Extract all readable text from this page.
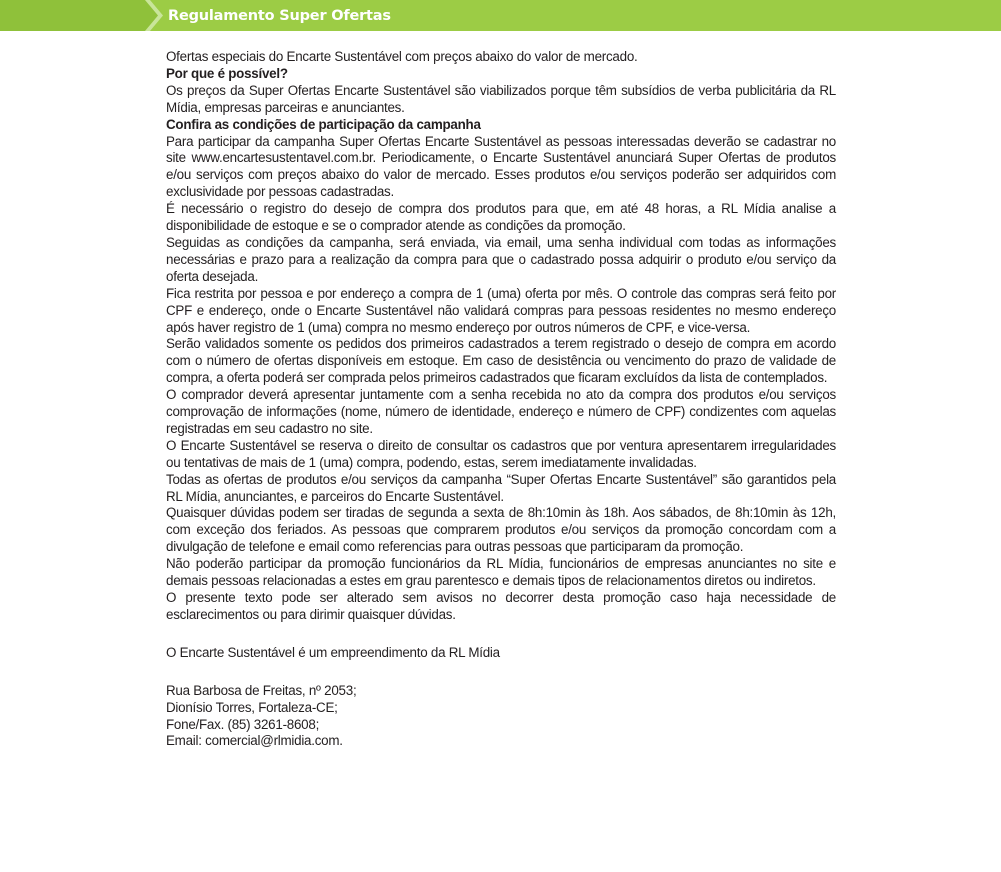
Regulamento Super Ofertas

Ofertas especiais do Encarte Sustentável com preços abaixo do valor de mercado.

Por que é possível?

Os preços da Super Ofertas Encarte Sustentável são viabilizados porque têm subsídios de verba publicitária da RL Mídia, empresas parceiras e anunciantes.

Confira as condições de participação da campanha

Para participar da campanha Super Ofertas Encarte Sustentável as pessoas interessadas deverão se cadastrar no site www.encartesustentavel.com.br. Periodicamente, o Encarte Sustentável anunciará Super Ofertas de produtos e/ou serviços com preços abaixo do valor de mercado. Esses produtos e/ou serviços poderão ser adquiridos com exclusividade por pessoas cadastradas.

É necessário o registro do desejo de compra dos produtos para que, em até 48 horas, a RL Mídia analise a disponibilidade de estoque e se o comprador atende as condições da promoção.

Seguidas as condições da campanha, será enviada, via email, uma senha individual com todas as informações necessárias e prazo para a realização da compra para que o cadastrado possa adquirir o produto e/ou serviço da oferta desejada.

Fica restrita por pessoa e por endereço a compra de 1 (uma) oferta por mês. O controle das compras será feito por CPF e endereço, onde o Encarte Sustentável não validará compras para pessoas residentes no mesmo endereço após haver registro de 1 (uma) compra no mesmo endereço por outros números de CPF, e vice-versa.

Serão validados somente os pedidos dos primeiros cadastrados a terem registrado o desejo de compra em acordo com o número de ofertas disponíveis em estoque. Em caso de desistência ou vencimento do prazo de validade de compra, a oferta poderá ser comprada pelos primeiros cadastrados que ficaram excluídos da lista de contemplados.

O comprador deverá apresentar juntamente com a senha recebida no ato da compra dos produtos e/ou serviços comprovação de informações (nome, número de identidade, endereço e número de CPF) condizentes com aquelas registradas em seu cadastro no site.

O Encarte Sustentável se reserva o direito de consultar os cadastros que por ventura apresentarem irregularidades ou tentativas de mais de 1 (uma) compra, podendo, estas, serem imediatamente invalidadas.

Todas as ofertas de produtos e/ou serviços da campanha “Super Ofertas Encarte Sustentável” são garantidos pela RL Mídia, anunciantes, e parceiros do Encarte Sustentável.

Quaisquer dúvidas podem ser tiradas de segunda a sexta de 8h:10min às 18h. Aos sábados, de 8h:10min às 12h, com exceção dos feriados. As pessoas que comprarem produtos e/ou serviços da promoção concordam com a divulgação de telefone e email como referencias para outras pessoas que participaram da promoção.

Não poderão participar da promoção funcionários da RL Mídia, funcionários de empresas anunciantes no site e demais pessoas relacionadas a estes em grau parentesco e demais tipos de relacionamentos diretos ou indiretos.

O presente texto pode ser alterado sem avisos no decorrer desta promoção caso haja necessidade de esclarecimentos ou para dirimir quaisquer dúvidas.

O Encarte Sustentável é um empreendimento da RL Mídia

Rua Barbosa de Freitas, nº 2053;
Dionísio Torres, Fortaleza-CE;
Fone/Fax. (85) 3261-8608;
Email: comercial@rlmidia.com.
